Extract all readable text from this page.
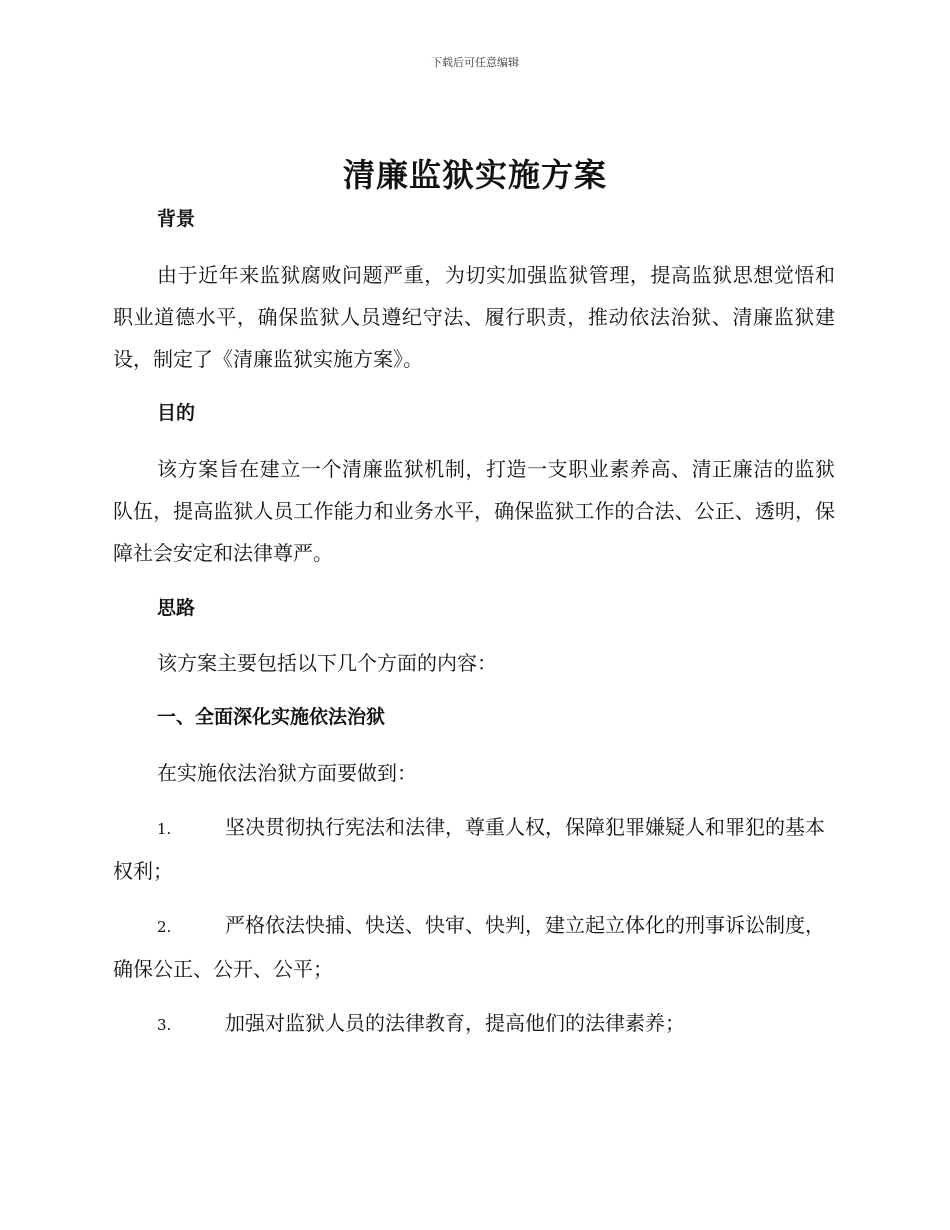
下载后可任意编辑
清廉监狱实施方案
背景
由于近年来监狱腐败问题严重，为切实加强监狱管理，提高监狱思想觉悟和职业道德水平，确保监狱人员遵纪守法、履行职责，推动依法治狱、清廉监狱建设，制定了《清廉监狱实施方案》。
目的
该方案旨在建立一个清廉监狱机制，打造一支职业素养高、清正廉洁的监狱队伍，提高监狱人员工作能力和业务水平，确保监狱工作的合法、公正、透明，保障社会安定和法律尊严。
思路
该方案主要包括以下几个方面的内容：
一、全面深化实施依法治狱
在实施依法治狱方面要做到：
1.	坚决贯彻执行宪法和法律，尊重人权，保障犯罪嫌疑人和罪犯的基本权利；
2.	严格依法快捕、快送、快审、快判，建立起立体化的刑事诉讼制度，确保公正、公开、公平；
3.	加强对监狱人员的法律教育，提高他们的法律素养；
